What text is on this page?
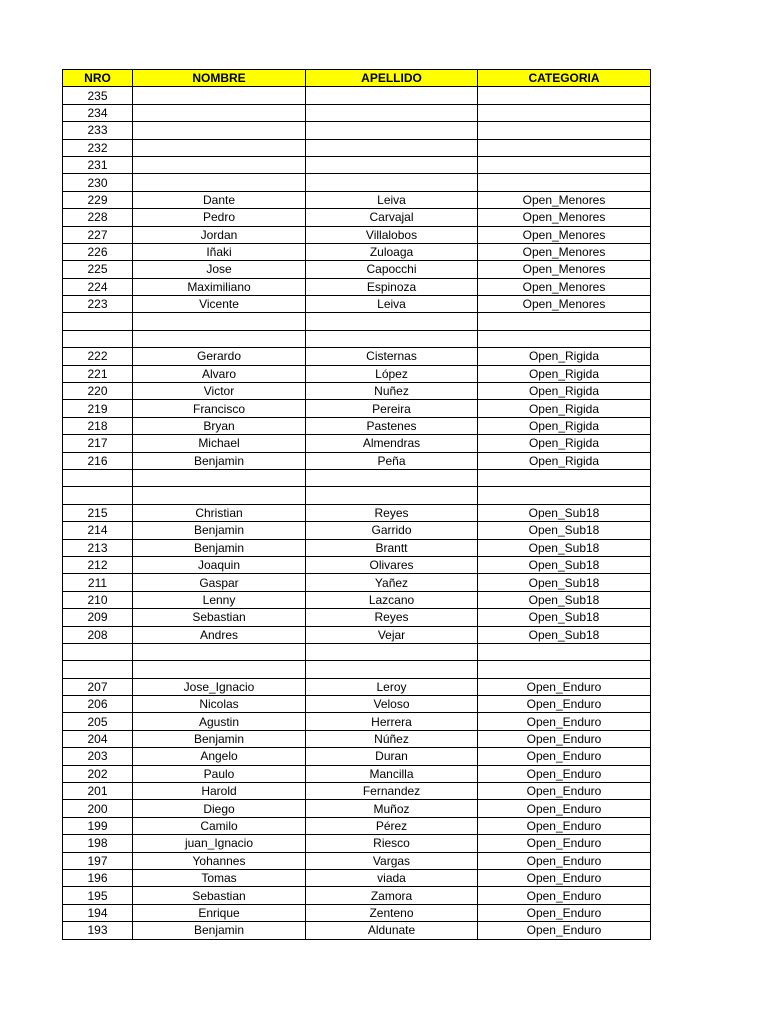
NRO	NOMBRE	APELLIDO	CATEGORIA
235			
234			
233			
232			
231			
230			
229	Dante	Leiva	Open_Menores
228	Pedro	Carvajal	Open_Menores
227	Jordan	Villalobos	Open_Menores
226	Iñaki	Zuloaga	Open_Menores
225	Jose	Capocchi	Open_Menores
224	Maximiliano	Espinoza	Open_Menores
223	Vicente	Leiva	Open_Menores

222	Gerardo	Cisternas	Open_Rigida
221	Alvaro	López	Open_Rigida
220	Victor	Nuñez	Open_Rigida
219	Francisco	Pereira	Open_Rigida
218	Bryan	Pastenes	Open_Rigida
217	Michael	Almendras	Open_Rigida
216	Benjamin	Peña	Open_Rigida

215	Christian	Reyes	Open_Sub18
214	Benjamin	Garrido	Open_Sub18
213	Benjamin	Brantt	Open_Sub18
212	Joaquin	Olivares	Open_Sub18
211	Gaspar	Yañez	Open_Sub18
210	Lenny	Lazcano	Open_Sub18
209	Sebastian	Reyes	Open_Sub18
208	Andres	Vejar	Open_Sub18

207	Jose_Ignacio	Leroy	Open_Enduro
206	Nicolas	Veloso	Open_Enduro
205	Agustin	Herrera	Open_Enduro
204	Benjamin	Núñez	Open_Enduro
203	Angelo	Duran	Open_Enduro
202	Paulo	Mancilla	Open_Enduro
201	Harold	Fernandez	Open_Enduro
200	Diego	Muñoz	Open_Enduro
199	Camilo	Pérez	Open_Enduro
198	juan_Ignacio	Riesco	Open_Enduro
197	Yohannes	Vargas	Open_Enduro
196	Tomas	viada	Open_Enduro
195	Sebastian	Zamora	Open_Enduro
194	Enrique	Zenteno	Open_Enduro
193	Benjamin	Aldunate	Open_Enduro
